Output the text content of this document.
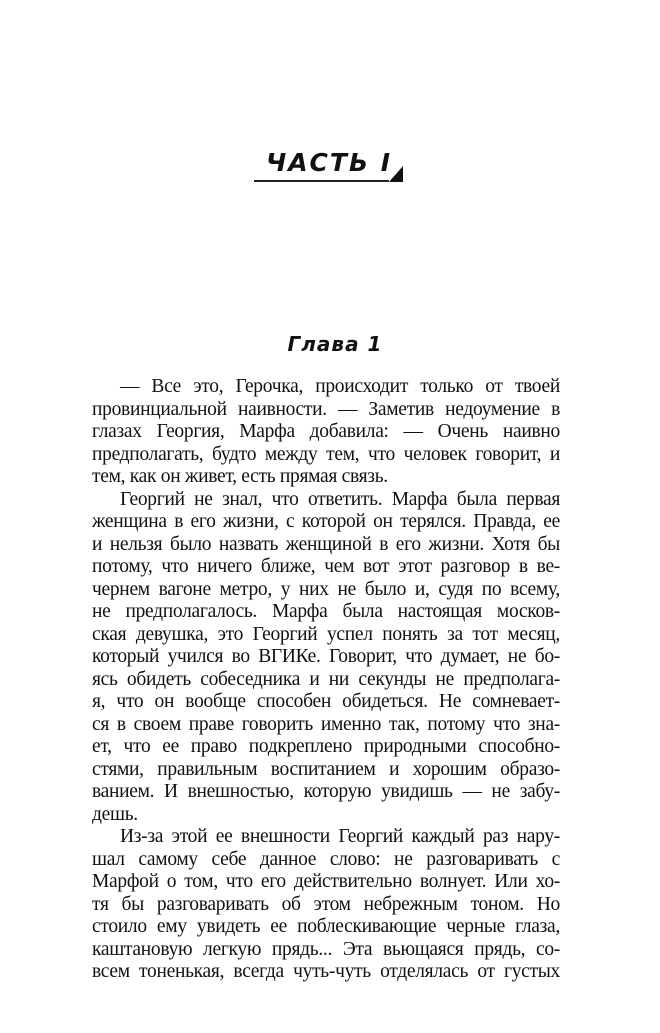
ЧАСТЬ I
Глава 1

— Все это, Герочка, происходит только от твоей
провинциальной наивности. — Заметив недоумение в
глазах Георгия, Марфа добавила: — Очень наивно
предполагать, будто между тем, что человек говорит, и
тем, как он живет, есть прямая связь.

Георгий не знал, что ответить. Марфа была первая
женщина в его жизни, с которой он терялся. Правда, ее
и нельзя было назвать женщиной в его жизни. Хотя бы
потому, что ничего ближе, чем вот этот разговор в ве-
чернем вагоне метро, у них не было и, судя по всему,
не предполагалось. Марфа была настоящая москов-
ская девушка, это Георгий успел понять за тот месяц,
который учился во ВГИКе. Говорит, что думает, не бо-
ясь обидеть собеседника и ни секунды не предполага-
я, что он вообще способен обидеться. Не сомневает-
ся в своем праве говорить именно так, потому что зна-
ет, что ее право подкреплено природными способно-
стями, правильным воспитанием и хорошим образо-
ванием. И внешностью, которую увидишь — не забу-
дешь.

Из-за этой ее внешности Георгий каждый раз нару-
шал самому себе данное слово: не разговаривать с
Марфой о том, что его действительно волнует. Или хо-
тя бы разговаривать об этом небрежным тоном. Но
стоило ему увидеть ее поблескивающие черные глаза,
каштановую легкую прядь... Эта вьющаяся прядь, со-
всем тоненькая, всегда чуть-чуть отделялась от густых
